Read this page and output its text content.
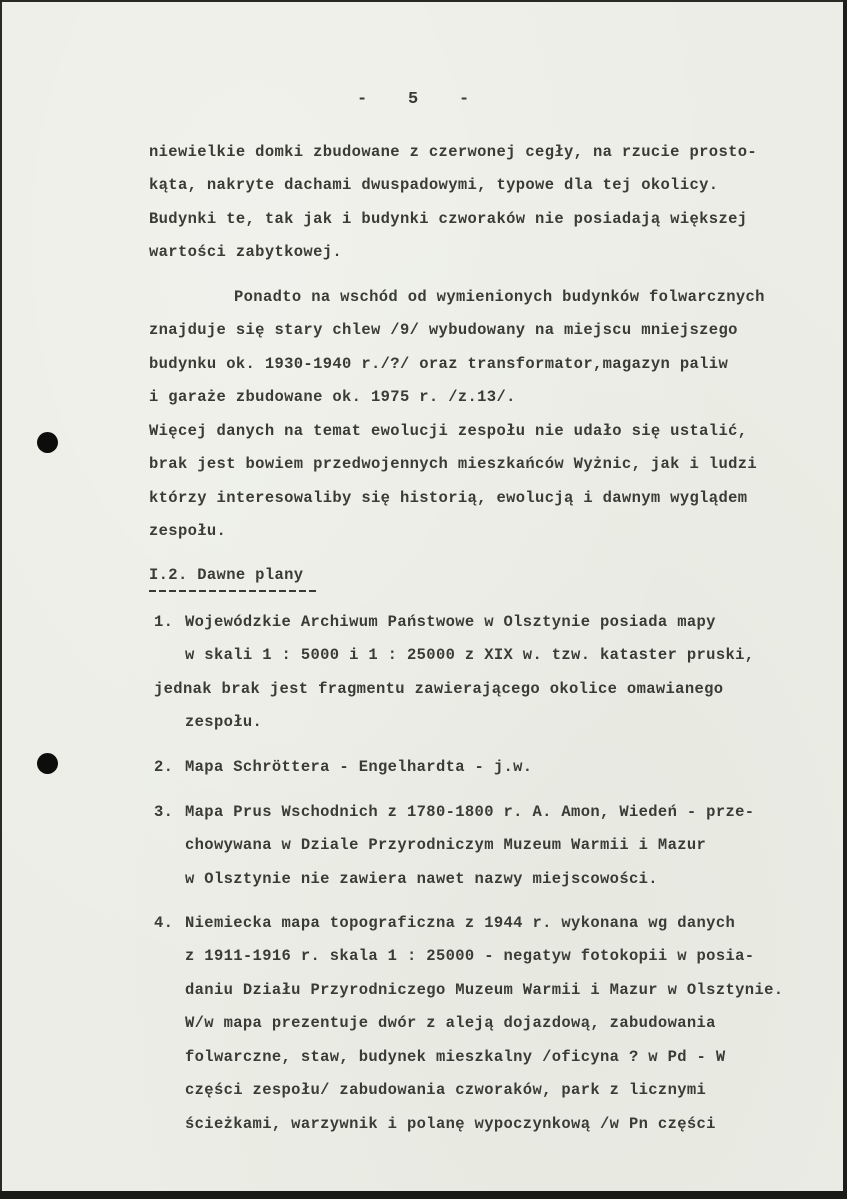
-    5    -
niewielkie domki zbudowane z czerwonej cegły, na rzucie prosto-
kąta, nakryte dachami dwuspadowymi, typowe dla tej okolicy.
Budynki te, tak jak i budynki czworaków nie posiadają większej
wartości zabytkowej.
Ponadto na wschód od wymienionych budynków folwarcznych
znajduje się stary chlew /9/ wybudowany na miejscu mniejszego
budynku ok. 1930-1940 r./?/ oraz transformator,magazyn paliw
i garaże zbudowane ok. 1975 r. /z.13/.
Więcej danych na temat ewolucji zespołu nie udało się ustalić,
brak jest bowiem przedwojennych mieszkańców Wyżnic, jak i ludzi
którzy interesowaliby się historią, ewolucją i dawnym wyglądem
zespołu.
I.2. Dawne plany
1. Wojewódzkie Archiwum Państwowe w Olsztynie posiada mapy
w skali 1 : 5000 i 1 : 25000 z XIX w. tzw. kataster pruski,
jednak brak jest fragmentu zawierającego okolice omawianego
zespołu.
2. Mapa Schröttera - Engelhardta - j.w.
3. Mapa Prus Wschodnich z 1780-1800 r. A. Amon, Wiedeń - prze-
chowywana w Dziale Przyrodniczym Muzeum Warmii i Mazur
w Olsztynie nie zawiera nawet nazwy miejscowości.
4. Niemiecka mapa topograficzna z 1944 r. wykonana wg danych
z 1911-1916 r. skala 1 : 25000 - negatyw fotokopii w posia-
daniu Działu Przyrodniczego Muzeum Warmii i Mazur w Olsztynie.
W/w mapa prezentuje dwór z aleją dojazdową, zabudowania
folwarczne, staw, budynek mieszkalny /oficyna ? w Pd - W
części zespołu/ zabudowania czworaków, park z licznymi
ścieżkami, warzywnik i polanę wypoczynkową /w Pn części
